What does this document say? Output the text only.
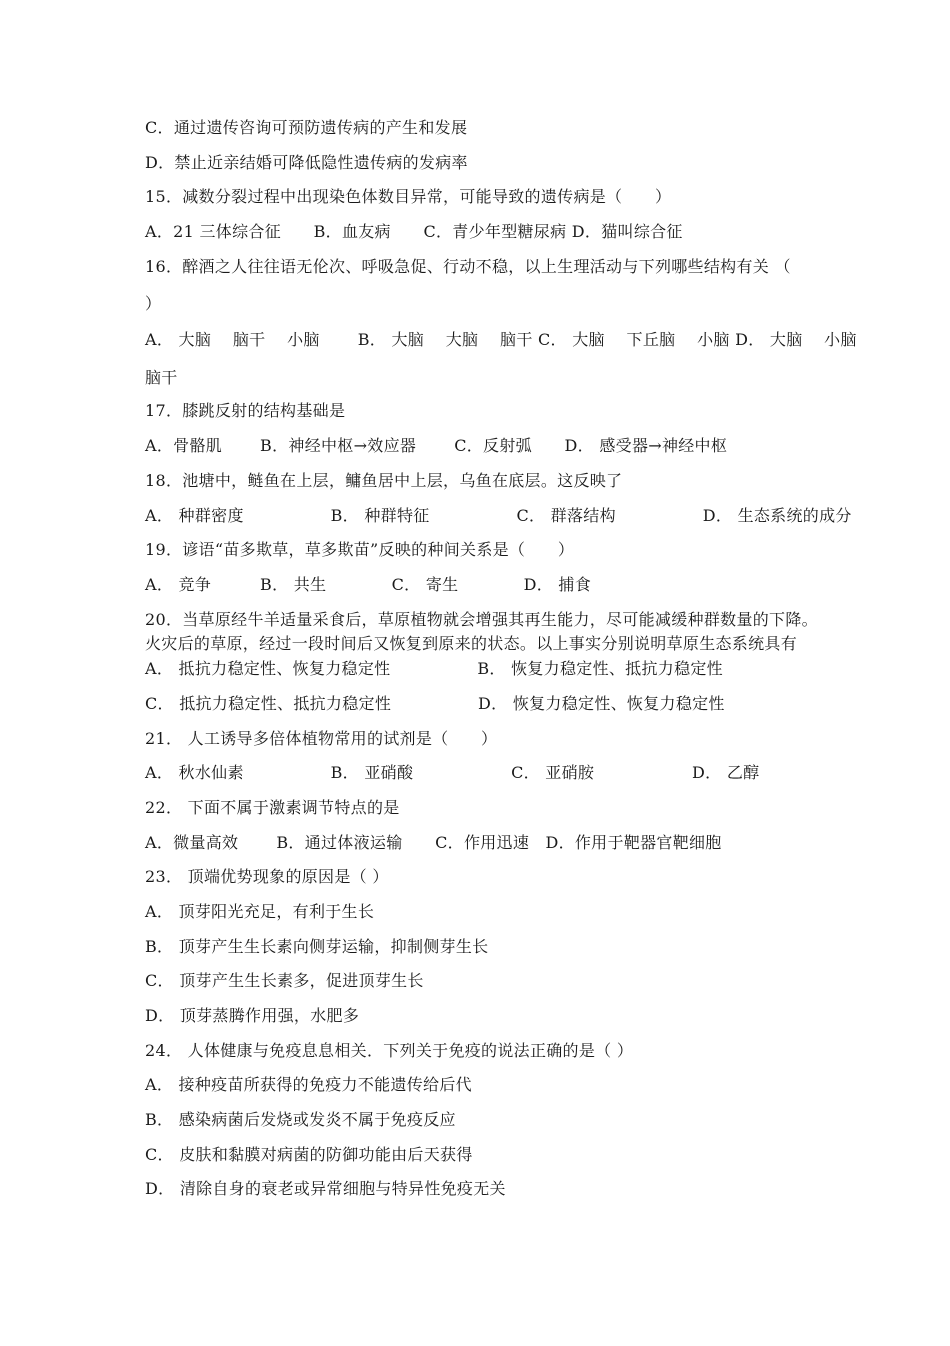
C．通过遗传咨询可预防遗传病的产生和发展
D．禁止近亲结婚可降低隐性遗传病的发病率
15．减数分裂过程中出现染色体数目异常，可能导致的遗传病是（　　）
A．21 三体综合征　　B．血友病　　C．青少年型糖尿病 D．猫叫综合征
16．醉酒之人往往语无伦次、呼吸急促、行动不稳，以上生理活动与下列哪些结构有关 （
）
A． 大脑　 脑干　 小脑　　 B． 大脑　 大脑　 脑干 C． 大脑　 下丘脑　 小脑 D． 大脑　 小脑
脑干
17．膝跳反射的结构基础是
A．骨骼肌　　 B．神经中枢→效应器　　 C．反射弧　　D． 感受器→神经中枢
18．池塘中，鲢鱼在上层，鳙鱼居中上层，乌鱼在底层。这反映了
A． 种群密度　　　　　 B． 种群特征　　　　　 C． 群落结构　　　　　 D． 生态系统的成分
19．谚语“苗多欺草，草多欺苗”反映的种间关系是（　　）
A． 竞争　　　B． 共生　　　　C． 寄生　　　　D． 捕食
20．当草原经牛羊适量采食后，草原植物就会增强其再生能力，尽可能减缓种群数量的下降。
火灾后的草原，经过一段时间后又恢复到原来的状态。以上事实分别说明草原生态系统具有
A． 抵抗力稳定性、恢复力稳定性　　　　　 B． 恢复力稳定性、抵抗力稳定性
C． 抵抗力稳定性、抵抗力稳定性　　　　　 D． 恢复力稳定性、恢复力稳定性
21． 人工诱导多倍体植物常用的试剂是（　　）
A． 秋水仙素　　　　　 B． 亚硝酸　　　　　　C． 亚硝胺　　　　　　D． 乙醇
22． 下面不属于激素调节特点的是
A．微量高效　　 B．通过体液运输　　C．作用迅速　D．作用于靶器官靶细胞
23． 顶端优势现象的原因是（ ）
A． 顶芽阳光充足，有利于生长
B． 顶芽产生生长素向侧芽运输，抑制侧芽生长
C． 顶芽产生生长素多，促进顶芽生长
D． 顶芽蒸腾作用强，水肥多
24． 人体健康与免疫息息相关．下列关于免疫的说法正确的是（ ）
A． 接种疫苗所获得的免疫力不能遗传给后代
B． 感染病菌后发烧或发炎不属于免疫反应
C． 皮肤和黏膜对病菌的防御功能由后天获得
D． 清除自身的衰老或异常细胞与特异性免疫无关
